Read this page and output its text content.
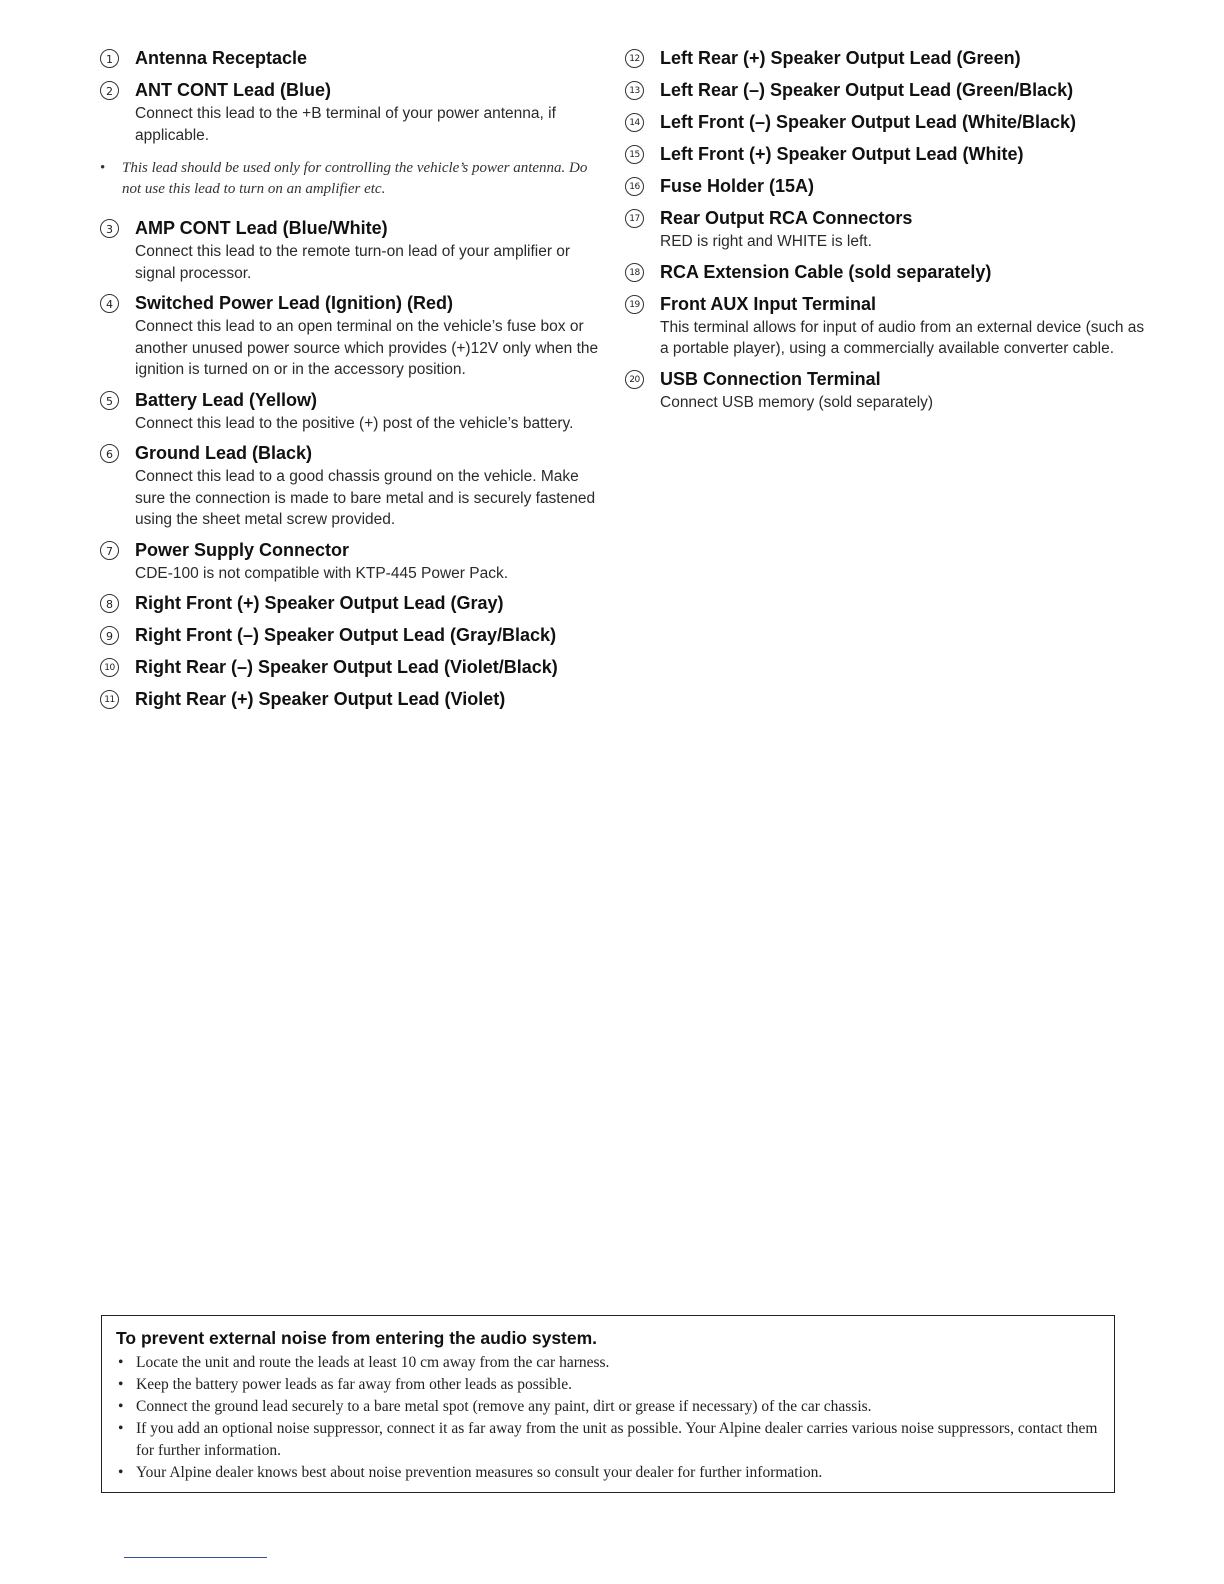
1	Antenna Receptacle

2	ANT CONT Lead (Blue)

Connect this lead to the +B terminal of your power antenna, if applicable.

• This lead should be used only for controlling the vehicle’s power antenna. Do not use this lead to turn on an amplifier etc.
3	AMP CONT Lead (Blue/White)

Connect this lead to the remote turn-on lead of your amplifier or signal processor.

4	Switched Power Lead (Ignition) (Red)

Connect this lead to an open terminal on the vehicle’s fuse box or another unused power source which provides (+)12V only when the ignition is turned on or in the accessory position.

5	Battery Lead (Yellow)

Connect this lead to the positive (+) post of the vehicle’s battery.

6	Ground Lead (Black)

Connect this lead to a good chassis ground on the vehicle. Make sure the connection is made to bare metal and is securely fastened using the sheet metal screw provided.

7	Power Supply Connector

CDE-100 is not compatible with KTP-445 Power Pack.

8	Right Front (+) Speaker Output Lead (Gray)

9	Right Front (–) Speaker Output Lead (Gray/Black)

10 Right Rear (–) Speaker Output Lead (Violet/Black)

11 Right Rear (+) Speaker Output Lead (Violet)

12 Left Rear (+) Speaker Output Lead (Green)

13 Left Rear (–) Speaker Output Lead (Green/Black)

14 Left Front (–) Speaker Output Lead (White/Black)

15 Left Front (+) Speaker Output Lead (White)

16 Fuse Holder (15A)

17 Rear Output RCA Connectors

RED is right and WHITE is left.

18 RCA Extension Cable (sold separately)

19 Front AUX Input Terminal

This terminal allows for input of audio from an external device (such as a portable player), using a commercially available converter cable.

20 USB Connection Terminal

Connect USB memory (sold separately)

To prevent external noise from entering the audio system.

• Locate the unit and route the leads at least 10 cm away from the car harness.
• Keep the battery power leads as far away from other leads as possible.
• Connect the ground lead securely to a bare metal spot (remove any paint, dirt or grease if necessary) of the car chassis.
• If you add an optional noise suppressor, connect it as far away from the unit as possible. Your Alpine dealer carries various noise suppressors, contact them for further information.
• Your Alpine dealer knows best about noise prevention measures so consult your dealer for further information.
